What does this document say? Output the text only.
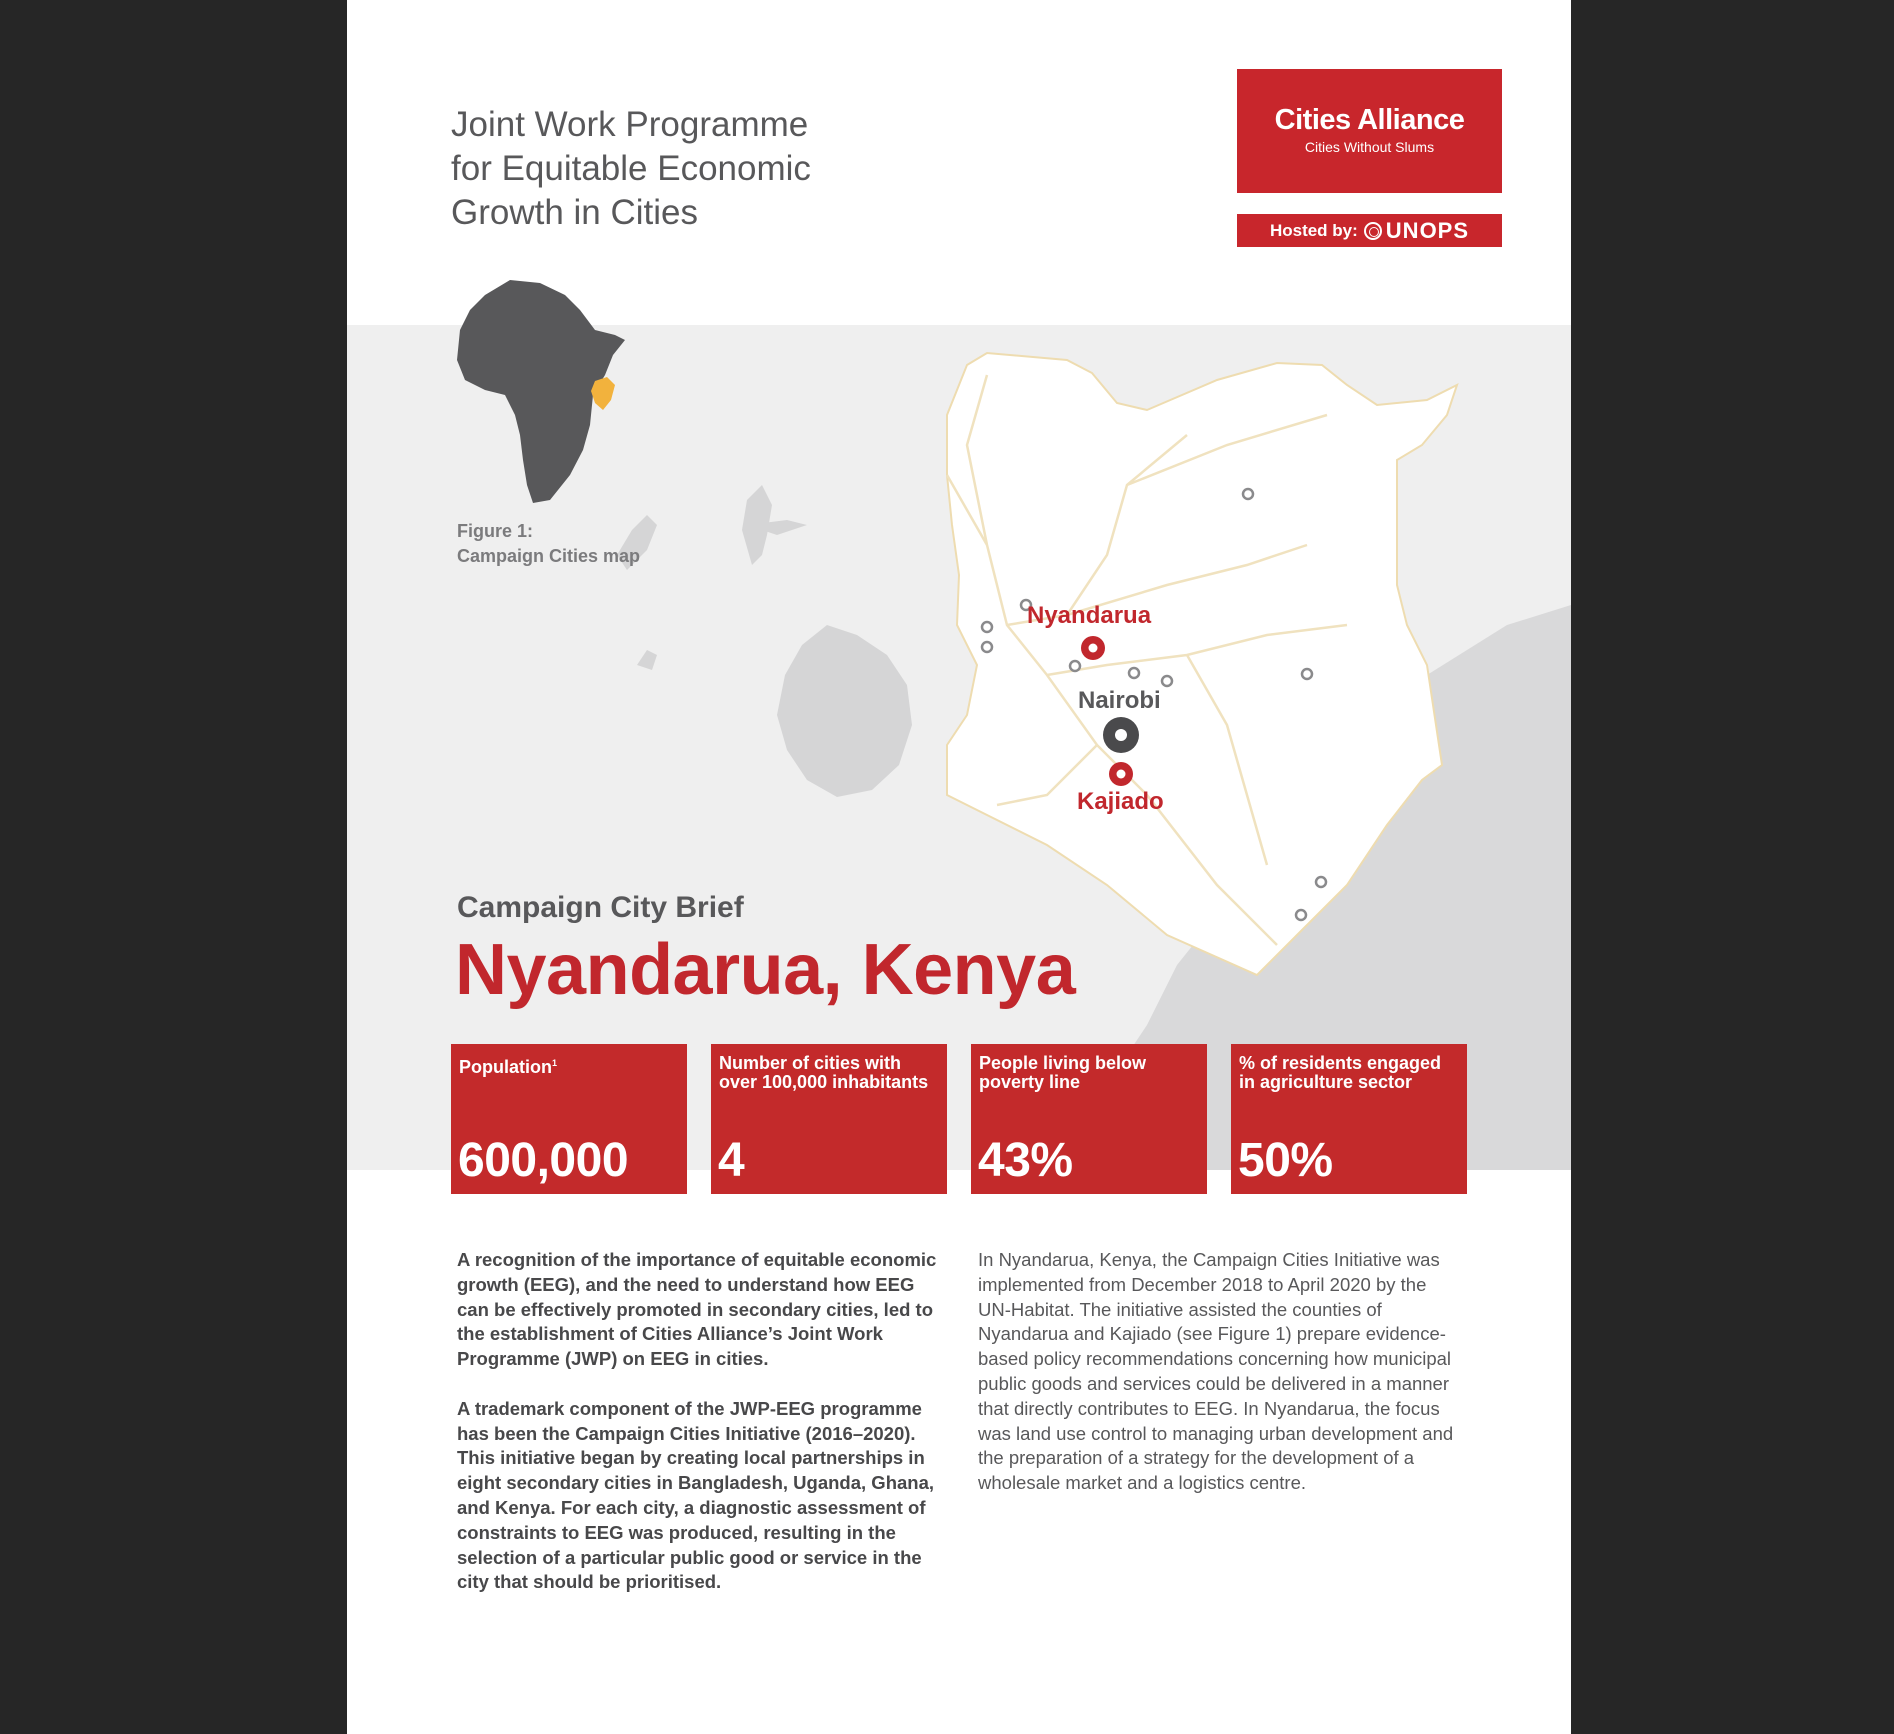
Joint Work Programme
for Equitable Economic
Growth in Cities
Cities Alliance
Cities Without Slums
Hosted by: UNOPS
Figure 1:
Campaign Cities map
Nyandarua
Nairobi
Kajiado
Campaign City Brief
Nyandarua, Kenya
Population$^1$
600,000
Number of cities with over 100,000 inhabitants
4
People living below poverty line
43%
% of residents engaged in agriculture sector
50%

A recognition of the importance of equitable economic growth (EEG), and the need to understand how EEG can be effectively promoted in secondary cities, led to the establishment of Cities Alliance’s Joint Work Programme (JWP) on EEG in cities.

A trademark component of the JWP-EEG programme has been the Campaign Cities Initiative (2016–2020). This initiative began by creating local partnerships in eight secondary cities in Bangladesh, Uganda, Ghana, and Kenya. For each city, a diagnostic assessment of constraints to EEG was produced, resulting in the selection of a particular public good or service in the city that should be prioritised.

In Nyandarua, Kenya, the Campaign Cities Initiative was implemented from December 2018 to April 2020 by the UN-Habitat. The initiative assisted the counties of Nyandarua and Kajiado (see Figure 1) prepare evidence-based policy recommendations concerning how municipal public goods and services could be delivered in a manner that directly contributes to EEG. In Nyandarua, the focus was land use control to managing urban development and the preparation of a strategy for the development of a wholesale market and a logistics centre.
